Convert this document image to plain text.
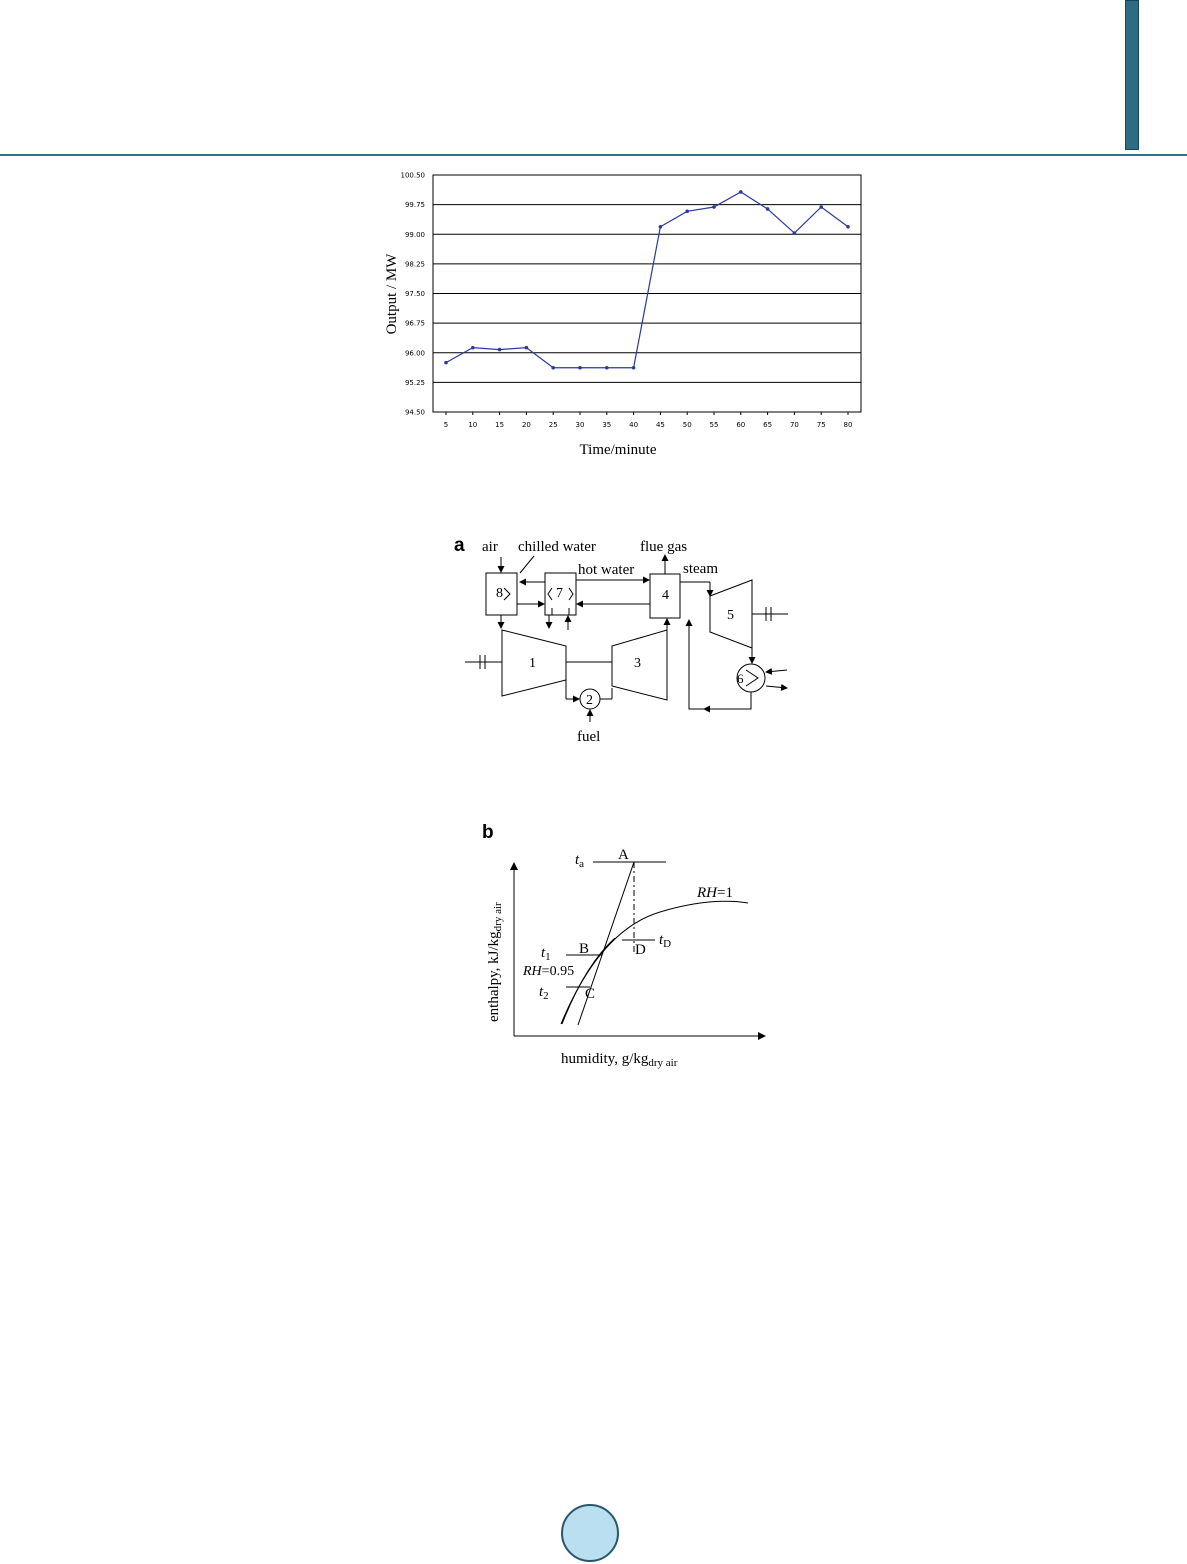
94.50
95.25
96.00
96.75
97.50
98.25
99.00
99.75
100.50
5	10	15	20	25	30	35	40	45	50	55	60	65	70	75	80
Output / MW
Time/minute
a air chilled water	flue gas
hot water	steam
fuel
8	7	4
1	3
2
5
6
b
A
B
C
D
$t_a$
$t_1$
$t_2$
$t_D$
RH=1
RH=0.95
enthalpy, $kJ/kg_{dry air}$
humidity, $g/kg_{dry air}$
